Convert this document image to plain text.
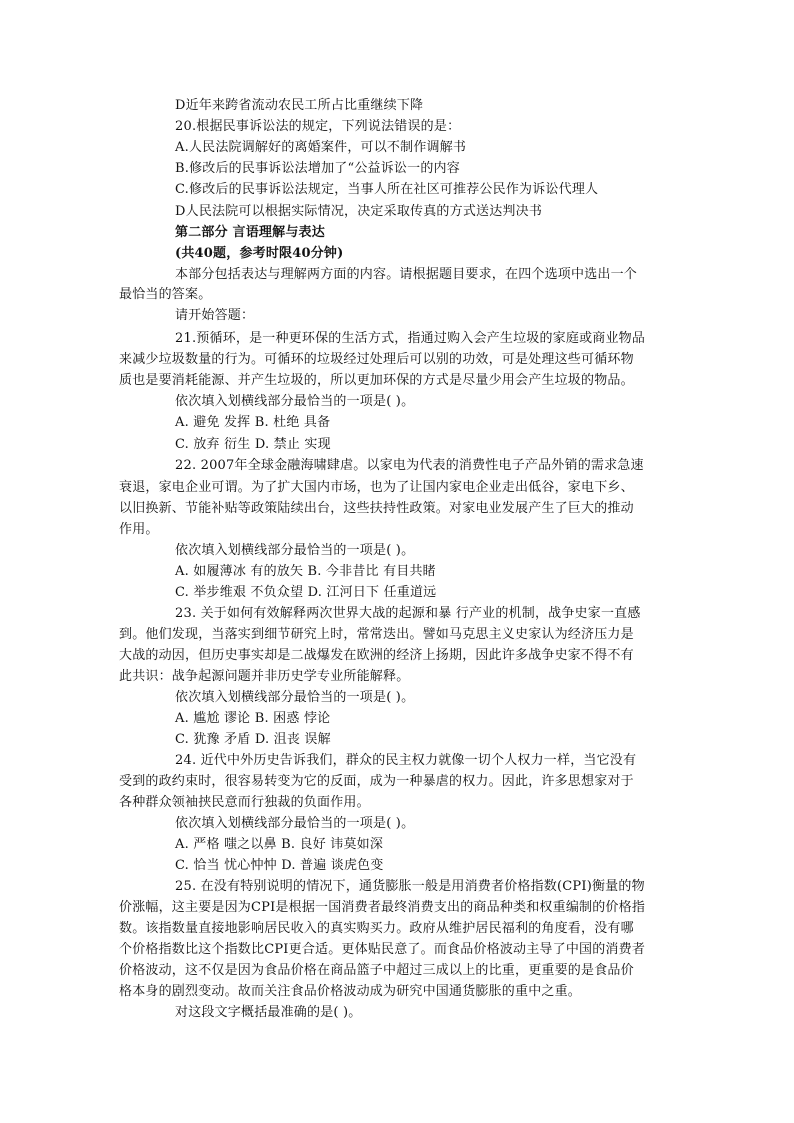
D近年来跨省流动农民工所占比重继续下降
20.根据民事诉讼法的规定，下列说法错误的是：
A.人民法院调解好的离婚案件，可以不制作调解书
B.修改后的民事诉讼法增加了“公益诉讼一的内容
C.修改后的民事诉讼法规定，当事人所在社区可推荐公民作为诉讼代理人
D人民法院可以根据实际情况，决定采取传真的方式送达判决书
第二部分 言语理解与表达
(共40题，参考时限40分钟)
本部分包括表达与理解两方面的内容。请根据题目要求，在四个选项中选出一个
最恰当的答案。
请开始答题：
21.预循环，是一种更环保的生活方式，指通过购入会产生垃圾的家庭或商业物品
来减少垃圾数量的行为。可循环的垃圾经过处理后可以别的功效，可是处理这些可循环物
质也是要消耗能源、并产生垃圾的，所以更加环保的方式是尽量少用会产生垃圾的物品。
依次填入划横线部分最恰当的一项是( )。
A. 避免 发挥 B. 杜绝 具备
C. 放弃 衍生 D. 禁止 实现
22. 2007年全球金融海啸肆虐。以家电为代表的消费性电子产品外销的需求急速
衰退，家电企业可谓。为了扩大国内市场，也为了让国内家电企业走出低谷，家电下乡、
以旧换新、节能补贴等政策陆续出台，这些扶持性政策。对家电业发展产生了巨大的推动
作用。
依次填入划横线部分最恰当的一项是( )。
A. 如履薄冰 有的放矢 B. 今非昔比 有目共睹
C. 举步维艰 不负众望 D. 江河日下 任重道远
23. 关于如何有效解释两次世界大战的起源和暴 行产业的机制，战争史家一直感
到。他们发现，当落实到细节研究上时，常常迭出。譬如马克思主义史家认为经济压力是
大战的动因，但历史事实却是二战爆发在欧洲的经济上扬期，因此许多战争史家不得不有
此共识：战争起源问题并非历史学专业所能解释。
依次填入划横线部分最恰当的一项是( )。
A. 尴尬 谬论 B. 困惑 悖论
C. 犹豫 矛盾 D. 沮丧 误解
24. 近代中外历史告诉我们，群众的民主权力就像一切个人权力一样，当它没有
受到的政约束时，很容易转变为它的反面，成为一种暴虐的权力。因此，许多思想家对于
各种群众领袖挟民意而行独裁的负面作用。
依次填入划横线部分最恰当的一项是( )。
A. 严格 嗤之以鼻 B. 良好 讳莫如深
C. 恰当 忧心忡忡 D. 普遍 谈虎色变
25. 在没有特别说明的情况下，通货膨胀一般是用消费者价格指数(CPI)衡量的物
价涨幅，这主要是因为CPI是根据一国消费者最终消费支出的商品种类和权重编制的价格指
数。该指数量直接地影响居民收入的真实购买力。政府从维护居民福利的角度看，没有哪
个价格指数比这个指数比CPI更合适。更体贴民意了。而食品价格波动主导了中国的消费者
价格波动，这不仅是因为食品价格在商品篮子中超过三成以上的比重，更重要的是食品价
格本身的剧烈变动。故而关注食品价格波动成为研究中国通货膨胀的重中之重。
对这段文字概括最准确的是( )。
